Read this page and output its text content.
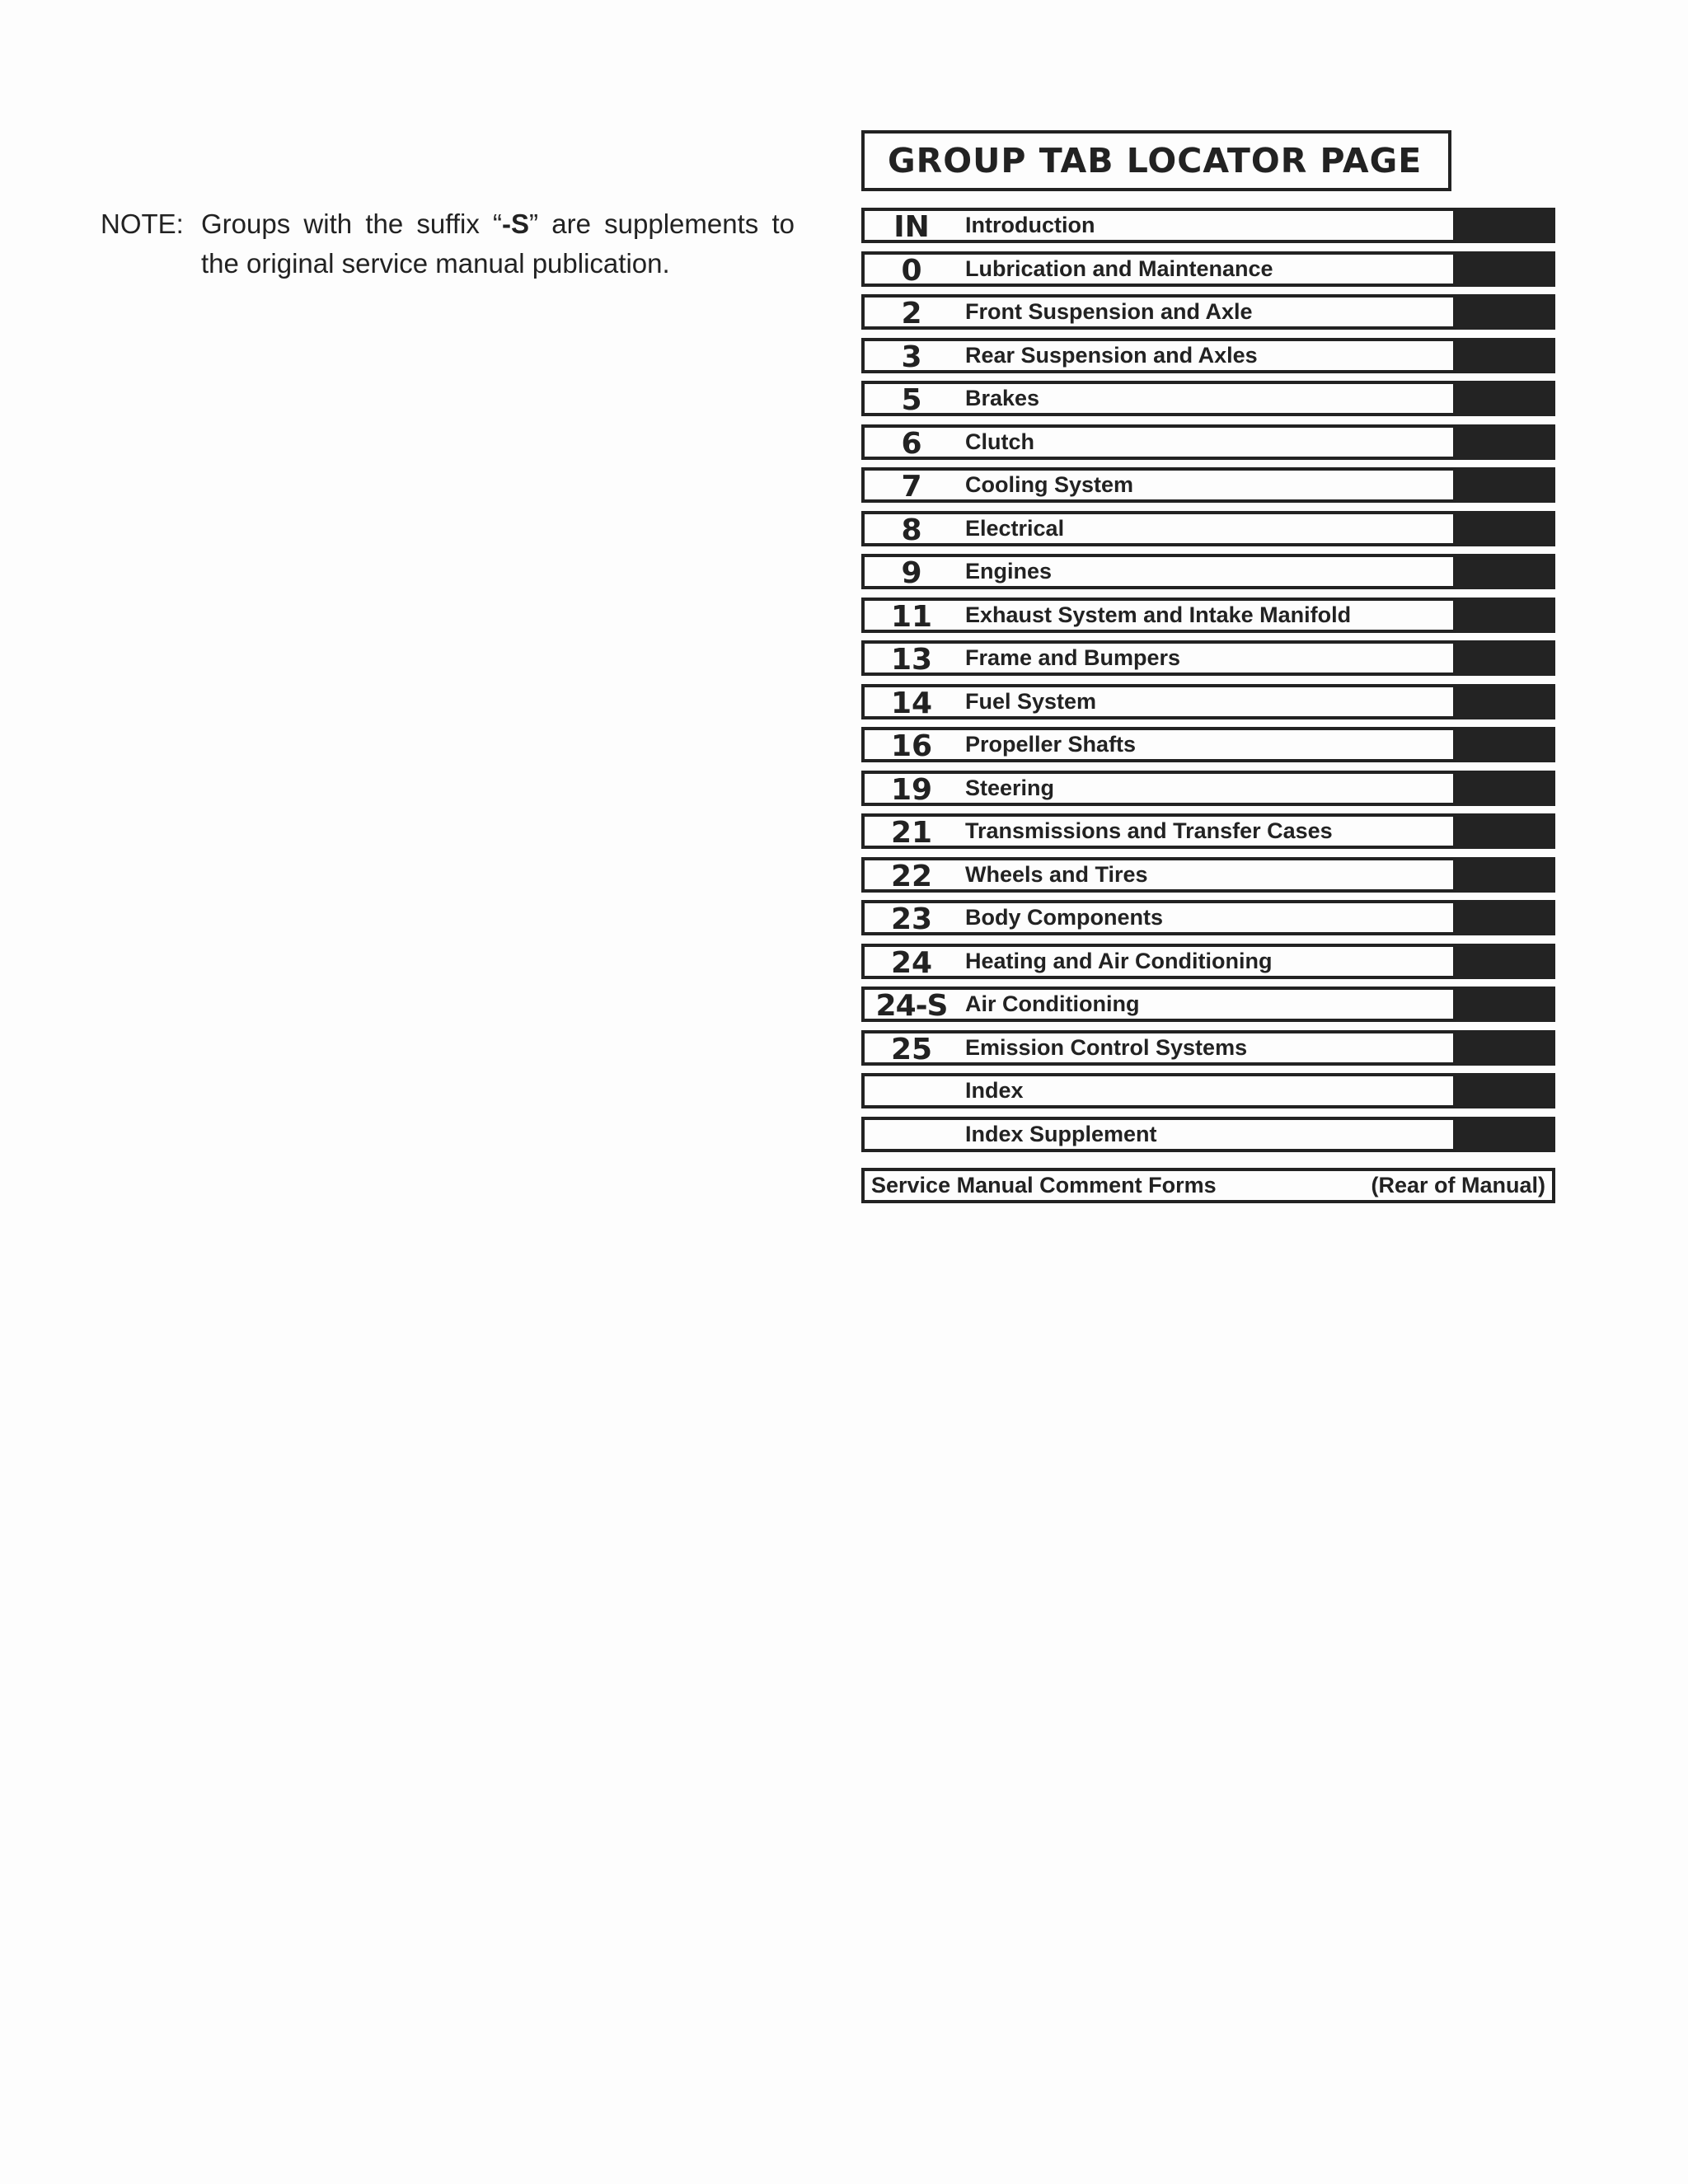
NOTE: Groups with the suffix “-S” are supplements to the original service manual publication.
GROUP TAB LOCATOR PAGE
IN	Introduction
0	Lubrication and Maintenance
2	Front Suspension and Axle
3	Rear Suspension and Axles
5	Brakes
6	Clutch
7	Cooling System
8	Electrical
9	Engines
11	Exhaust System and Intake Manifold
13	Frame and Bumpers
14	Fuel System
16	Propeller Shafts
19	Steering
21	Transmissions and Transfer Cases
22	Wheels and Tires
23	Body Components
24	Heating and Air Conditioning
24-S Air Conditioning
25	Emission Control Systems
Index
Index Supplement
Service Manual Comment Forms	(Rear of Manual)
